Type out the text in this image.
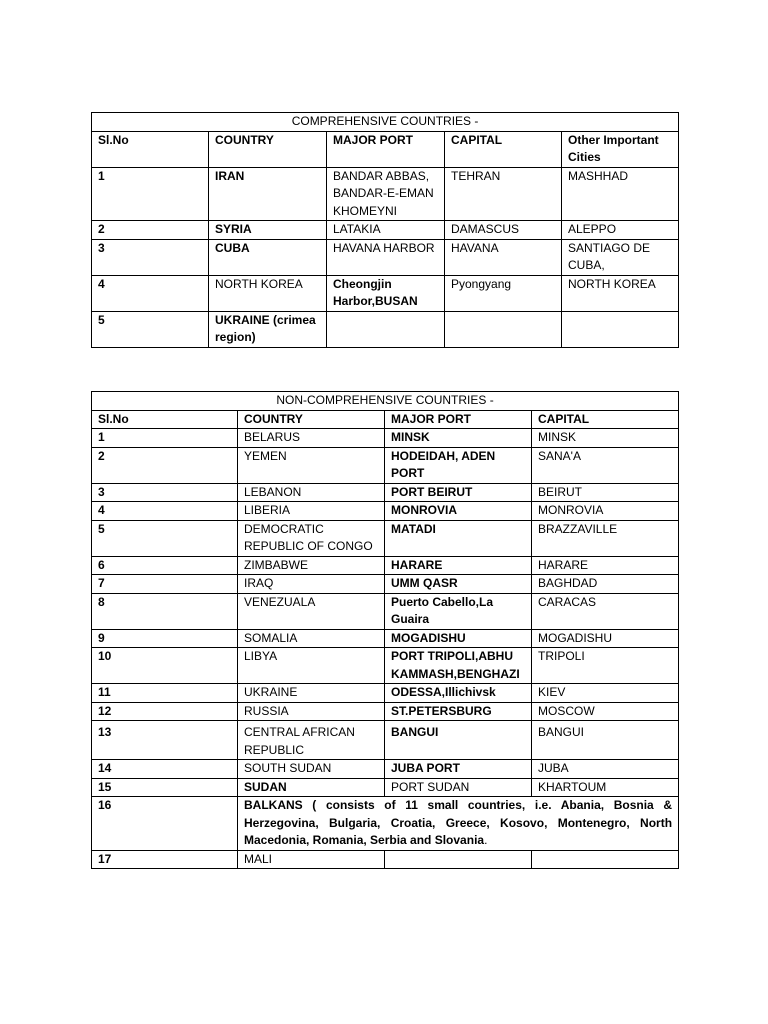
COMPREHENSIVE COUNTRIES -				
Sl.No	COUNTRY	MAJOR PORT	CAPITAL	Other Important Cities
1	IRAN	BANDAR ABBAS, BANDAR-E-EMAN KHOMEYNI	TEHRAN	MASHHAD
2	SYRIA	LATAKIA	DAMASCUS	ALEPPO
3	CUBA	HAVANA HARBOR	HAVANA	SANTIAGO DE CUBA,
4	NORTH KOREA	Cheongjin Harbor,BUSAN	Pyongyang	NORTH KOREA
5	UKRAINE (crimea region)			
NON-COMPREHENSIVE COUNTRIES -			
Sl.No	COUNTRY	MAJOR PORT	CAPITAL
1	BELARUS	MINSK	MINSK
2	YEMEN	HODEIDAH, ADEN PORT	SANA'A
3	LEBANON	PORT BEIRUT	BEIRUT
4	LIBERIA	MONROVIA	MONROVIA
5	DEMOCRATIC REPUBLIC OF CONGO	MATADI	BRAZZAVILLE
6	ZIMBABWE	HARARE	HARARE
7	IRAQ	UMM QASR	BAGHDAD
8	VENEZUALA	Puerto Cabello,La Guaira	CARACAS
9	SOMALIA	MOGADISHU	MOGADISHU
10	LIBYA	PORT TRIPOLI,ABHU KAMMASH,BENGHAZI	TRIPOLI
11	UKRAINE	ODESSA,Illichivsk	KIEV
12	RUSSIA	ST.PETERSBURG	MOSCOW
13	CENTRAL AFRICAN REPUBLIC	BANGUI	BANGUI
14	SOUTH SUDAN	JUBA PORT	JUBA
15	SUDAN	PORT SUDAN	KHARTOUM
16	BALKANS ( consists of 11 small countries, i.e. Abania, Bosnia & Herzegovina, Bulgaria, Croatia, Greece, Kosovo, Montenegro, North Macedonia, Romania, Serbia and Slovania.		
17	MALI		
